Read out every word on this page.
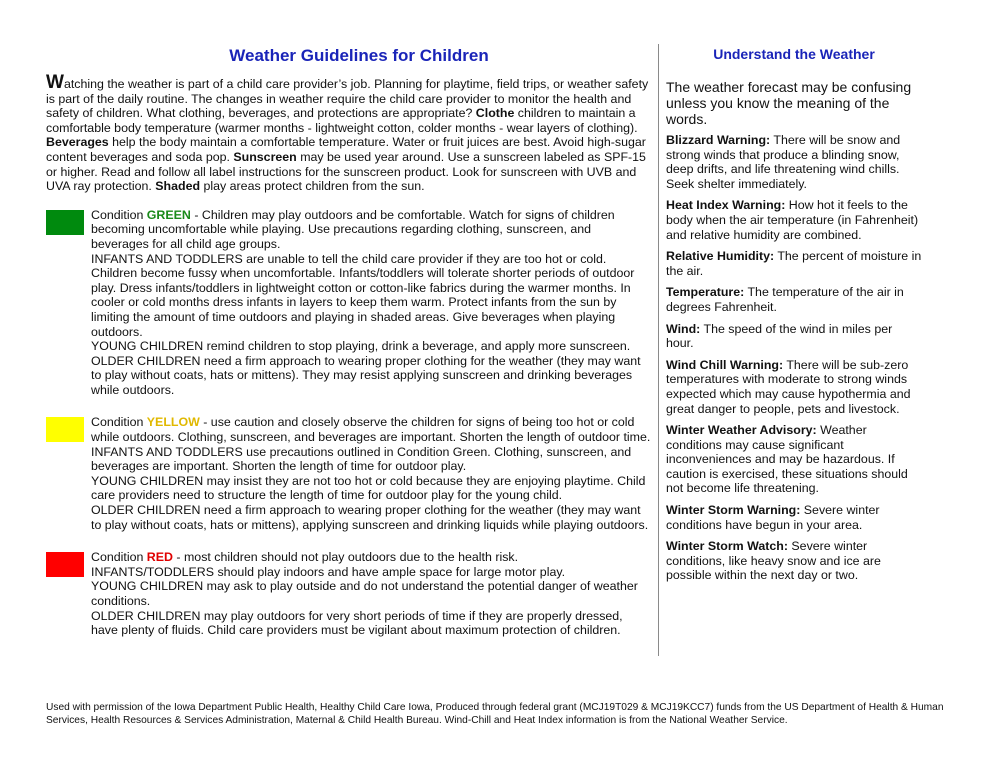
Weather Guidelines for Children

Watching the weather is part of a child care provider’s job. Planning for playtime, field trips, or weather safety is part of the daily routine. The changes in weather require the child care provider to monitor the health and safety of children. What clothing, beverages, and protections are appropriate? Clothe children to maintain a comfortable body temperature (warmer months - lightweight cotton, colder months - wear layers of clothing). Beverages help the body maintain a comfortable temperature. Water or fruit juices are best. Avoid high-sugar content beverages and soda pop. Sunscreen may be used year around. Use a sunscreen labeled as SPF-15 or higher. Read and follow all label instructions for the sunscreen product. Look for sunscreen with UVB and UVA ray protection. Shaded play areas protect children from the sun.

Condition GREEN - Children may play outdoors and be comfortable. Watch for signs of children becoming uncomfortable while playing. Use precautions regarding clothing, sunscreen, and beverages for all child age groups.

INFANTS AND TODDLERS are unable to tell the child care provider if they are too hot or cold. Children become fussy when uncomfortable. Infants/toddlers will tolerate shorter periods of outdoor play. Dress infants/toddlers in lightweight cotton or cotton-like fabrics during the warmer months. In cooler or cold months dress infants in layers to keep them warm. Protect infants from the sun by limiting the amount of time outdoors and playing in shaded areas. Give beverages when playing outdoors.

YOUNG CHILDREN remind children to stop playing, drink a beverage, and apply more sunscreen.

OLDER CHILDREN need a firm approach to wearing proper clothing for the weather (they may want to play without coats, hats or mittens). They may resist applying sunscreen and drinking beverages while outdoors.

Condition YELLOW - use caution and closely observe the children for signs of being too hot or cold while outdoors. Clothing, sunscreen, and beverages are important. Shorten the length of outdoor time.

INFANTS AND TODDLERS use precautions outlined in Condition Green. Clothing, sunscreen, and beverages are important. Shorten the length of time for outdoor play.

YOUNG CHILDREN may insist they are not too hot or cold because they are enjoying playtime. Child care providers need to structure the length of time for outdoor play for the young child.

OLDER CHILDREN need a firm approach to wearing proper clothing for the weather (they may want to play without coats, hats or mittens), applying sunscreen and drinking liquids while playing outdoors.

Condition RED - most children should not play outdoors due to the health risk.

INFANTS/TODDLERS should play indoors and have ample space for large motor play.

YOUNG CHILDREN may ask to play outside and do not understand the potential danger of weather conditions.

OLDER CHILDREN may play outdoors for very short periods of time if they are properly dressed, have plenty of fluids. Child care providers must be vigilant about maximum protection of children.

Understand the Weather

The weather forecast may be confusing unless you know the meaning of the words.

Blizzard Warning: There will be snow and strong winds that produce a blinding snow, deep drifts, and life threatening wind chills. Seek shelter immediately.

Heat Index Warning: How hot it feels to the body when the air temperature (in Fahrenheit) and relative humidity are combined.

Relative Humidity: The percent of moisture in the air.

Temperature: The temperature of the air in degrees Fahrenheit.

Wind: The speed of the wind in miles per hour.

Wind Chill Warning: There will be sub-zero temperatures with moderate to strong winds expected which may cause hypothermia and great danger to people, pets and livestock.

Winter Weather Advisory: Weather conditions may cause significant inconveniences and may be hazardous. If caution is exercised, these situations should not become life threatening.

Winter Storm Warning: Severe winter conditions have begun in your area.

Winter Storm Watch: Severe winter conditions, like heavy snow and ice are possible within the next day or two.

Used with permission of the Iowa Department Public Health, Healthy Child Care Iowa, Produced through federal grant (MCJ19T029 & MCJ19KCC7) funds from the US Department of Health & Human Services, Health Resources & Services Administration, Maternal & Child Health Bureau. Wind-Chill and Heat Index information is from the National Weather Service.
